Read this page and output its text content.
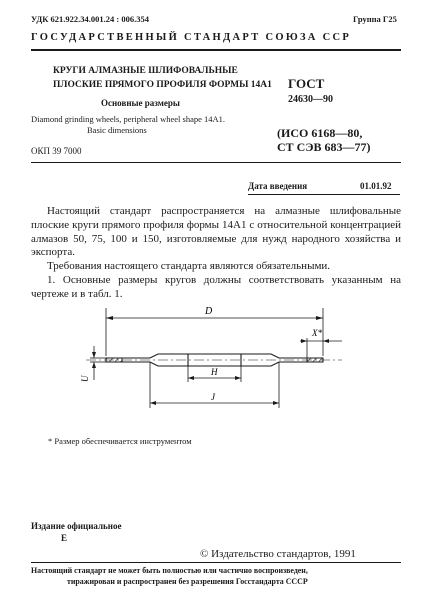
УДК 621.922.34.001.24 : 006.354	Группа Г25
ГОСУДАРСТВЕННЫЙ СТАНДАРТ СОЮЗА ССР
КРУГИ АЛМАЗНЫЕ ШЛИФОВАЛЬНЫЕ
ПЛОСКИЕ ПРЯМОГО ПРОФИЛЯ ФОРМЫ 14А1
Основные размеры
Diamond grinding wheels, peripheral wheel shape 14A1.
Basic dimensions
ГОСТ
24630—90
(ИСО 6168—80,
СТ СЭВ 683—77)
ОКП 39 7000
Дата введения	01.01.92

Настоящий стандарт распространяется на алмазные шлифовальные плоские круги прямого профиля формы 14А1 с относительной концентрацией алмазов 50, 75, 100 и 150, изготовляемые для нужд народного хозяйства и экспорта.

Требования настоящего стандарта являются обязательными.

1. Основные размеры кругов должны соответствовать указанным на чертеже и в табл. 1.

D
X*
H
J
U
* Размер обеспечивается инструментом
Издание официальное
Е
© Издательство стандартов, 1991
Настоящий стандарт не может быть полностью или частично воспроизведен,
тиражирован и распространен без разрешения Госстандарта СССР
